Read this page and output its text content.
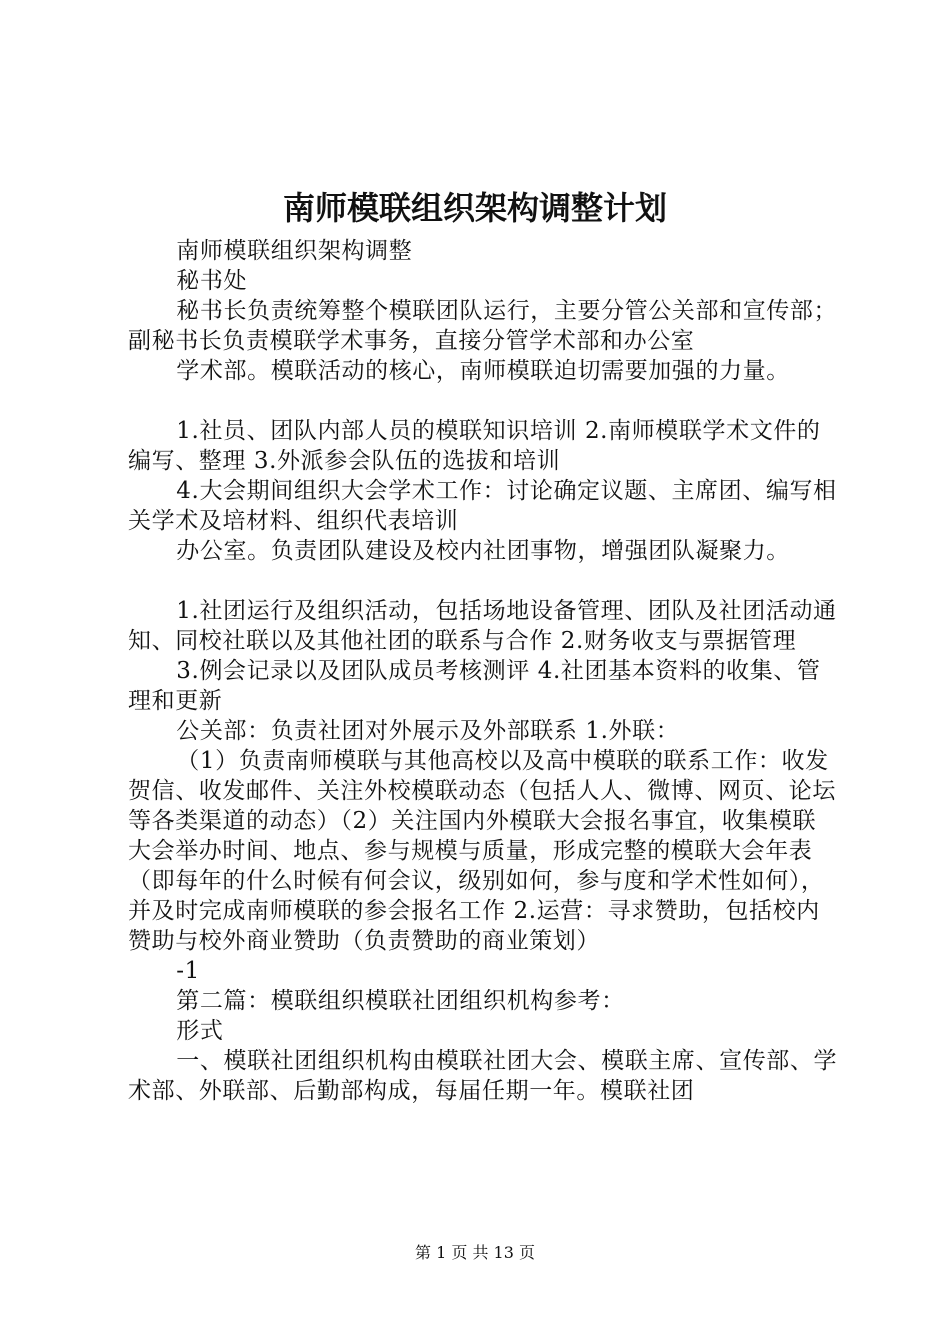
南师模联组织架构调整计划

南师模联组织架构调整

秘书处

秘书长负责统筹整个模联团队运行，主要分管公关部和宣传部；副秘书长负责模联学术事务，直接分管学术部和办公室

学术部。模联活动的核心，南师模联迫切需要加强的力量。

1.社员、团队内部人员的模联知识培训 2.南师模联学术文件的编写、整理 3.外派参会队伍的选拔和培训

4.大会期间组织大会学术工作：讨论确定议题、主席团、编写相关学术及培材料、组织代表培训

办公室。负责团队建设及校内社团事物，增强团队凝聚力。

1.社团运行及组织活动，包括场地设备管理、团队及社团活动通知、同校社联以及其他社团的联系与合作 2.财务收支与票据管理

3.例会记录以及团队成员考核测评 4.社团基本资料的收集、管理和更新

公关部：负责社团对外展示及外部联系 1.外联：

（1）负责南师模联与其他高校以及高中模联的联系工作：收发贺信、收发邮件、关注外校模联动态（包括人人、微博、网页、论坛等各类渠道的动态）（2）关注国内外模联大会报名事宜，收集模联大会举办时间、地点、参与规模与质量，形成完整的模联大会年表（即每年的什么时候有何会议，级别如何，参与度和学术性如何），并及时完成南师模联的参会报名工作 2.运营：寻求赞助，包括校内赞助与校外商业赞助（负责赞助的商业策划）

-1

第二篇：模联组织模联社团组织机构参考：

形式

一、模联社团组织机构由模联社团大会、模联主席、宣传部、学术部、外联部、后勤部构成，每届任期一年。模联社团

第 1 页 共 13 页
